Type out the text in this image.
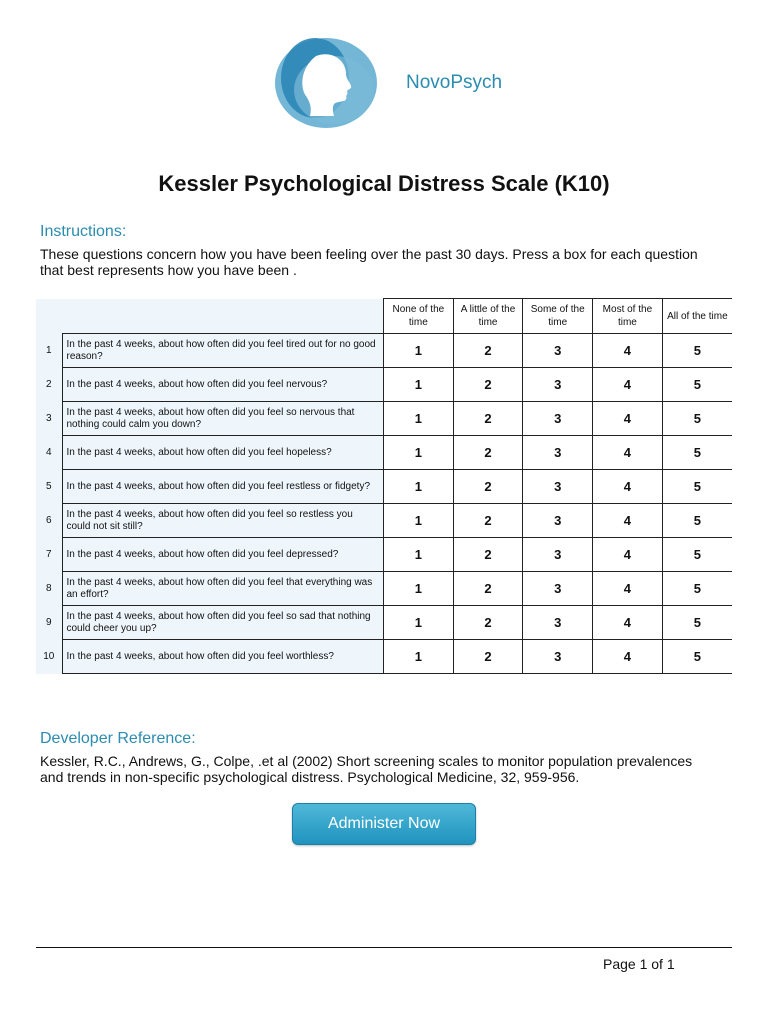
NovoPsych
Kessler Psychological Distress Scale (K10)
Instructions:
These questions concern how you have been feeling over the past 30 days. Press a box for each question
that best represents how you have been .
		None of the time	A little of the time	Some of the time	Most of the time	All of the time
1	In the past 4 weeks, about how often did you feel tired out for no good reason?	1	2	3	4	5
2	In the past 4 weeks, about how often did you feel nervous?	1	2	3	4	5
3	In the past 4 weeks, about how often did you feel so nervous that nothing could calm you down?	1	2	3	4	5
4	In the past 4 weeks, about how often did you feel hopeless?	1	2	3	4	5
5	In the past 4 weeks, about how often did you feel restless or fidgety?	1	2	3	4	5
6	In the past 4 weeks, about how often did you feel so restless you could not sit still?	1	2	3	4	5
7	In the past 4 weeks, about how often did you feel depressed?	1	2	3	4	5
8	In the past 4 weeks, about how often did you feel that everything was an effort?	1	2	3	4	5
9	In the past 4 weeks, about how often did you feel so sad that nothing could cheer you up?	1	2	3	4	5
10	In the past 4 weeks, about how often did you feel worthless?	1	2	3	4	5
Developer Reference:
Kessler, R.C., Andrews, G., Colpe, .et al (2002) Short screening scales to monitor population prevalences
and trends in non-specific psychological distress. Psychological Medicine, 32, 959-956.
Administer Now
Page 1 of 1
